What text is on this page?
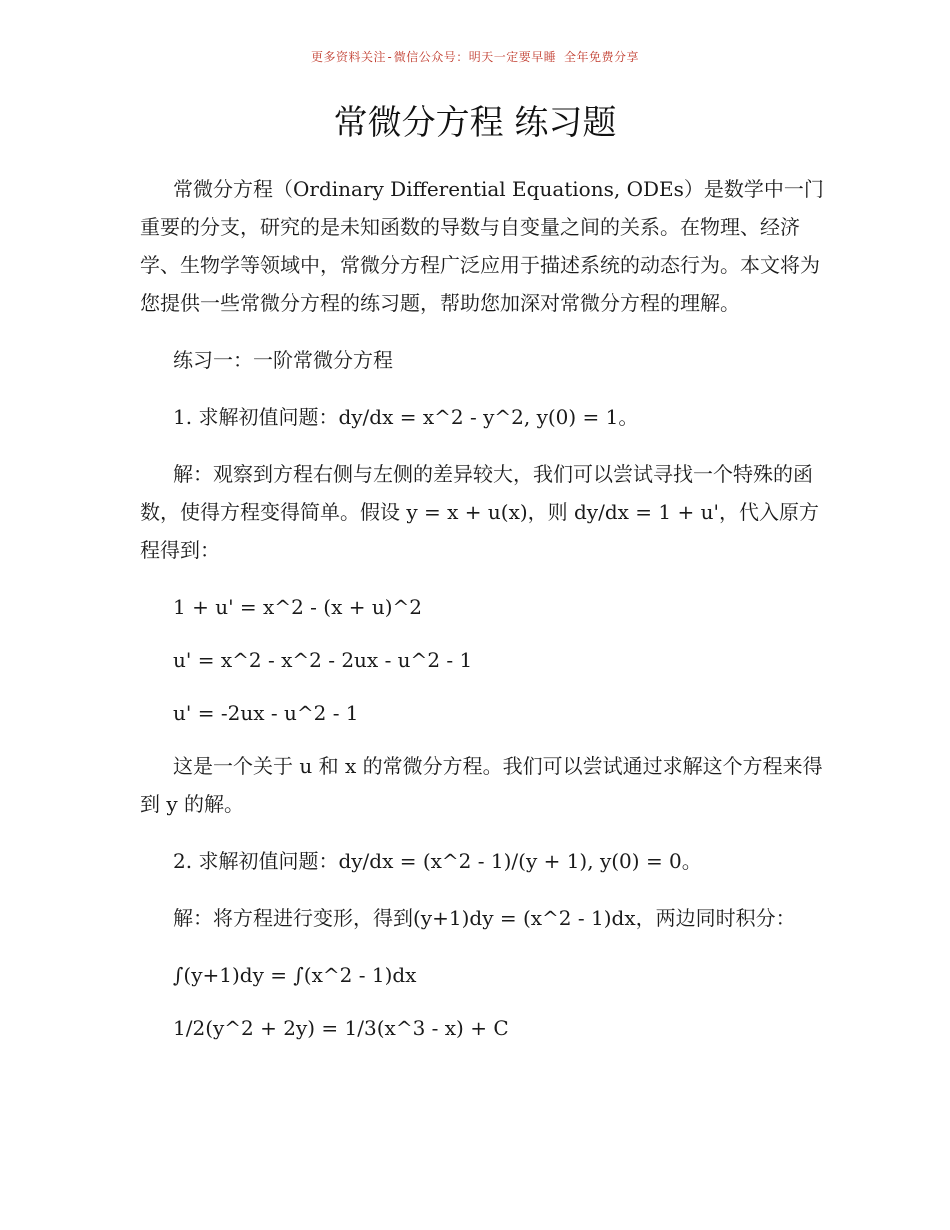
更多资料关注-微信公众号：明天一定要早睡 全年免费分享
常微分方程 练习题

常微分方程（Ordinary Differential Equations, ODEs）是数学中一门重要的分支，研究的是未知函数的导数与自变量之间的关系。在物理、经济学、生物学等领域中，常微分方程广泛应用于描述系统的动态行为。本文将为您提供一些常微分方程的练习题，帮助您加深对常微分方程的理解。

练习一：一阶常微分方程

1. 求解初值问题：dy/dx = x^2 - y^2, y(0) = 1。

解：观察到方程右侧与左侧的差异较大，我们可以尝试寻找一个特殊的函数，使得方程变得简单。假设 y = x + u(x)，则 dy/dx = 1 + u'，代入原方程得到：

1 + u' = x^2 - (x + u)^2

u' = x^2 - x^2 - 2ux - u^2 - 1

u' = -2ux - u^2 - 1

这是一个关于 u 和 x 的常微分方程。我们可以尝试通过求解这个方程来得到 y 的解。

2. 求解初值问题：dy/dx = (x^2 - 1)/(y + 1), y(0) = 0。

解：将方程进行变形，得到(y+1)dy = (x^2 - 1)dx，两边同时积分：

∫(y+1)dy = ∫(x^2 - 1)dx

1/2(y^2 + 2y) = 1/3(x^3 - x) + C
